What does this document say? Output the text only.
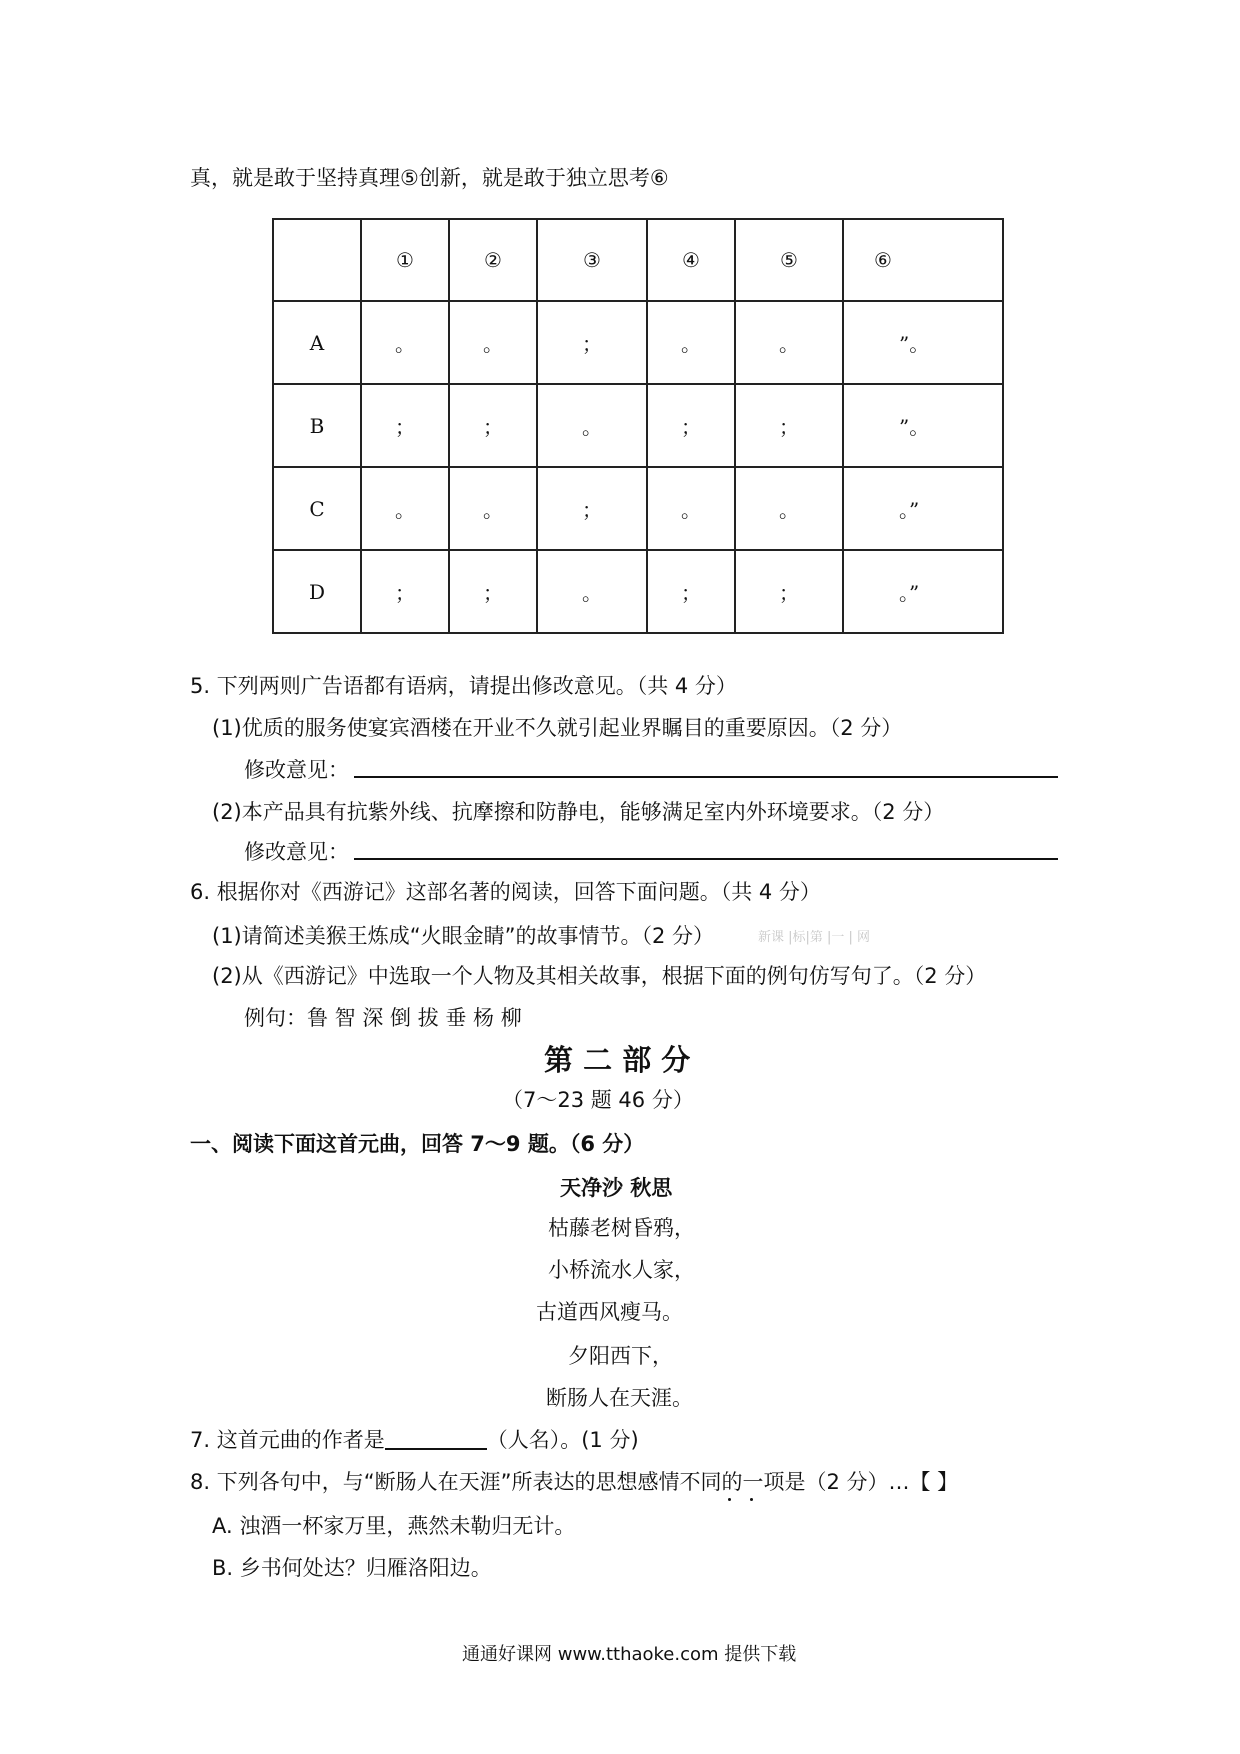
真，就是敢于坚持真理⑤创新，就是敢于独立思考⑥
	①	②	③	④	⑤	⑥
A	。	。	；	。	。	”。
B	；	；	。	；	；	”。
C	。	。	；	。	。	。”
D	；	；	。	；	；	。”
5. 下列两则广告语都有语病，请提出修改意见。（共 4 分）
(1)优质的服务使宴宾酒楼在开业不久就引起业界瞩目的重要原因。（2 分）
修改意见：
(2)本产品具有抗紫外线、抗摩擦和防静电，能够满足室内外环境要求。（2 分）
修改意见：
6. 根据你对《西游记》这部名著的阅读，回答下面问题。（共 4 分）
(1)请简述美猴王炼成“火眼金睛”的故事情节。（2 分）	新课 |标|第 |一 | 网
(2)从《西游记》中选取一个人物及其相关故事，根据下面的例句仿写句了。（2 分）
例句：鲁 智 深 倒 拔 垂 杨 柳
第 二 部 分
（7～23 题 46 分）
一、阅读下面这首元曲，回答 7～9 题。（6 分）
天净沙 秋思
枯藤老树昏鸦，
小桥流水人家，
古道西风瘦马。
夕阳西下，
断肠人在天涯。
7. 这首元曲的作者是	（人名）。(1 分)
8. 下列各句中，与“断肠人在天涯”所表达的思想感情不同的一项是（2 分）…【 】
A. 浊酒一杯家万里，燕然未勒归无计。
B. 乡书何处达？归雁洛阳边。
通通好课网 www.tthaoke.com 提供下载
